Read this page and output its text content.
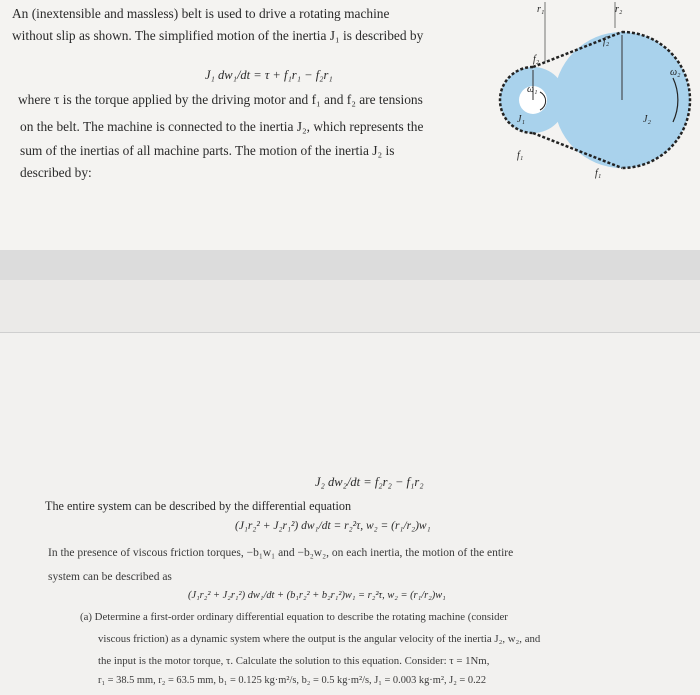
An (inextensible and massless) belt is used to drive a rotating machine
without slip as shown. The simplified motion of the inertia J₁ is described by
J₁ dw₁/dt = τ + f₁r₁ − f₂r₁
where τ is the torque applied by the driving motor and f₁ and f₂ are tensions
on the belt. The machine is connected to the inertia J₂, which represents the
sum of the inertias of all machine parts. The motion of the inertia J₂ is
described by:
r₁	r₂
f₂
f₂
ω₁
ω₂
J₁	J₂
f₁
f₁
J₂ dw₂/dt = f₂r₂ − f₁r₂
The entire system can be described by the differential equation
(J₁r₂² + J₂r₁²) dw₁/dt = r₂²τ, w₂ = (r₁/r₂)w₁
In the presence of viscous friction torques, −b₁w₁ and −b₂w₂, on each inertia, the motion of the entire
system can be described as
(J₁r₂² + J₂r₁²) dw₁/dt + (b₁r₂² + b₂r₁²)w₁ = r₂²τ, w₂ = (r₁/r₂)w₁
(a) Determine a first-order ordinary differential equation to describe the rotating machine (consider
viscous friction) as a dynamic system where the output is the angular velocity of the inertia J₂, w₂, and
the input is the motor torque, τ. Calculate the solution to this equation. Consider: τ = 1Nm,
r₁ = 38.5 mm, r₂ = 63.5 mm, b₁ = 0.125 kg·m²/s, b₂ = 0.5 kg·m²/s, J₁ = 0.003 kg·m², J₂ = 0.22
